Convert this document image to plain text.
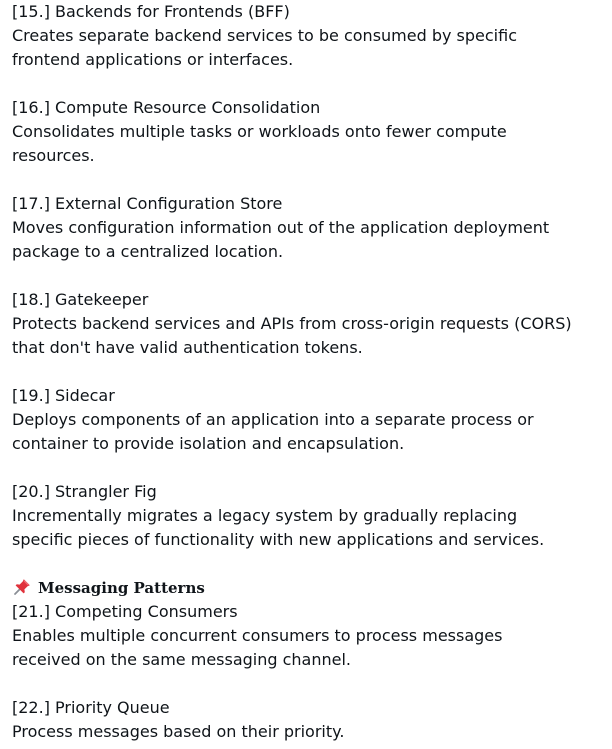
[15.] Backends for Frontends (BFF)
Creates separate backend services to be consumed by specific frontend applications or interfaces.
[16.] Compute Resource Consolidation
Consolidates multiple tasks or workloads onto fewer compute resources.
[17.] External Configuration Store
Moves configuration information out of the application deployment package to a centralized location.
[18.] Gatekeeper
Protects backend services and APIs from cross-origin requests (CORS) that don't have valid authentication tokens.
[19.] Sidecar
Deploys components of an application into a separate process or container to provide isolation and encapsulation.
[20.] Strangler Fig
Incrementally migrates a legacy system by gradually replacing specific pieces of functionality with new applications and services.
Messaging Patterns
[21.] Competing Consumers
Enables multiple concurrent consumers to process messages received on the same messaging channel.
[22.] Priority Queue
Process messages based on their priority.
